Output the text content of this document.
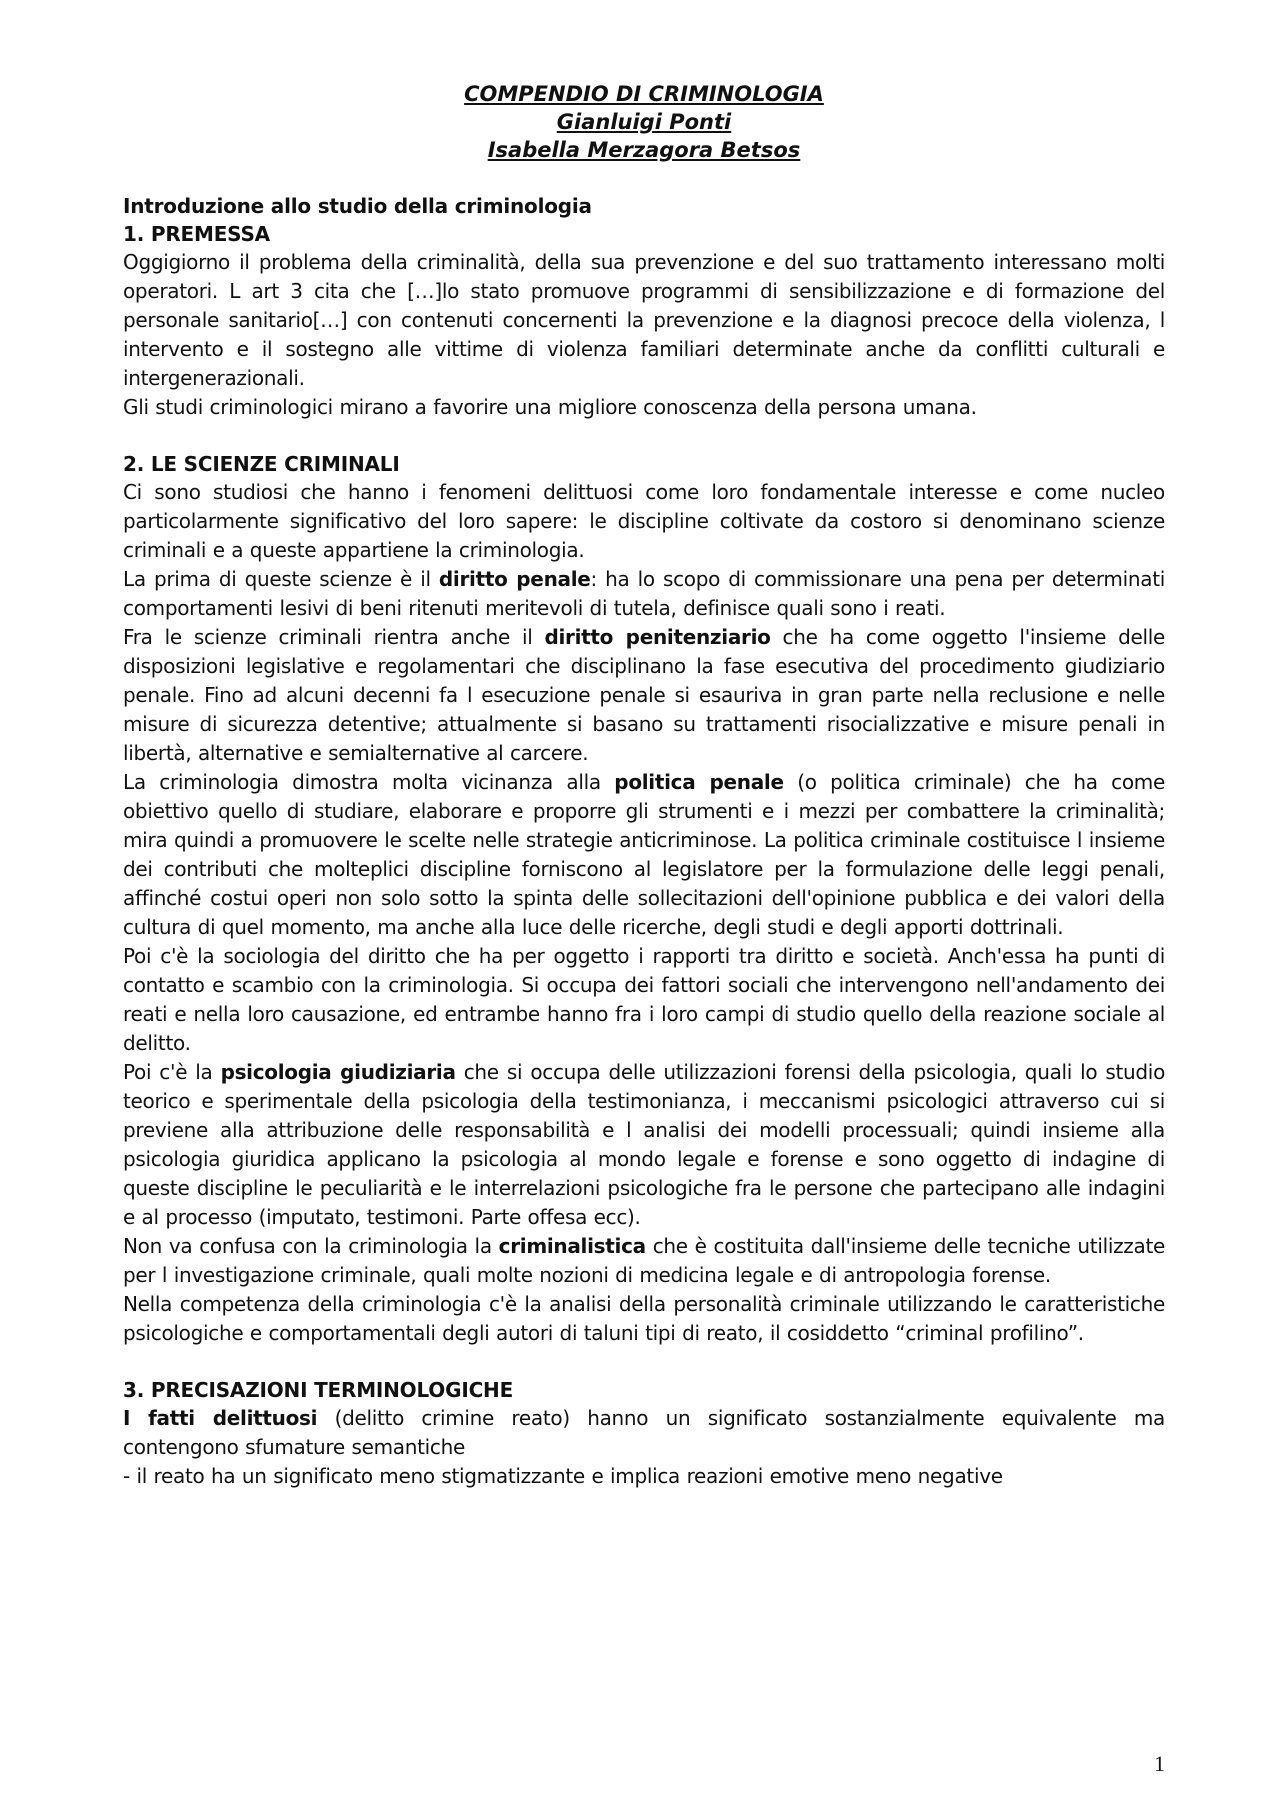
COMPENDIO DI CRIMINOLOGIA

Gianluigi Ponti

Isabella Merzagora Betsos

Introduzione allo studio della criminologia

1. PREMESSA

Oggigiorno il problema della criminalità, della sua prevenzione e del suo trattamento interessano molti operatori. L art 3 cita che […]lo stato promuove programmi di sensibilizzazione e di formazione del personale sanitario[…] con contenuti concernenti la prevenzione e la diagnosi precoce della violenza, l intervento e il sostegno alle vittime di violenza familiari determinate anche da conflitti culturali e intergenerazionali.

Gli studi criminologici mirano a favorire una migliore conoscenza della persona umana.

2. LE SCIENZE CRIMINALI

Ci sono studiosi che hanno i fenomeni delittuosi come loro fondamentale interesse e come nucleo particolarmente significativo del loro sapere: le discipline coltivate da costoro si denominano scienze criminali e a queste appartiene la criminologia.

La prima di queste scienze è il diritto penale: ha lo scopo di commissionare una pena per determinati comportamenti lesivi di beni ritenuti meritevoli di tutela, definisce quali sono i reati.

Fra le scienze criminali rientra anche il diritto penitenziario che ha come oggetto l'insieme delle disposizioni legislative e regolamentari che disciplinano la fase esecutiva del procedimento giudiziario penale. Fino ad alcuni decenni fa l esecuzione penale si esauriva in gran parte nella reclusione e nelle misure di sicurezza detentive; attualmente si basano su trattamenti risocializzative e misure penali in libertà, alternative e semialternative al carcere.

La criminologia dimostra molta vicinanza alla politica penale (o politica criminale) che ha come obiettivo quello di studiare, elaborare e proporre gli strumenti e i mezzi per combattere la criminalità; mira quindi a promuovere le scelte nelle strategie anticriminose. La politica criminale costituisce l insieme dei contributi che molteplici discipline forniscono al legislatore per la formulazione delle leggi penali, affinché costui operi non solo sotto la spinta delle sollecitazioni dell'opinione pubblica e dei valori della cultura di quel momento, ma anche alla luce delle ricerche, degli studi e degli apporti dottrinali.

Poi c'è la sociologia del diritto che ha per oggetto i rapporti tra diritto e società. Anch'essa ha punti di contatto e scambio con la criminologia. Si occupa dei fattori sociali che intervengono nell'andamento dei reati e nella loro causazione, ed entrambe hanno fra i loro campi di studio quello della reazione sociale al delitto.

Poi c'è la psicologia giudiziaria che si occupa delle utilizzazioni forensi della psicologia, quali lo studio teorico e sperimentale della psicologia della testimonianza, i meccanismi psicologici attraverso cui si previene alla attribuzione delle responsabilità e l analisi dei modelli processuali; quindi insieme alla psicologia giuridica applicano la psicologia al mondo legale e forense e sono oggetto di indagine di queste discipline le peculiarità e le interrelazioni psicologiche fra le persone che partecipano alle indagini e al processo (imputato, testimoni. Parte offesa ecc).

Non va confusa con la criminologia la criminalistica che è costituita dall'insieme delle tecniche utilizzate per l investigazione criminale, quali molte nozioni di medicina legale e di antropologia forense.

Nella competenza della criminologia c'è la analisi della personalità criminale utilizzando le caratteristiche psicologiche e comportamentali degli autori di taluni tipi di reato, il cosiddetto “criminal profilino”.

3. PRECISAZIONI TERMINOLOGICHE

I fatti delittuosi (delitto crimine reato) hanno un significato sostanzialmente equivalente ma contengono sfumature semantiche

- il reato ha un significato meno stigmatizzante e implica reazioni emotive meno negative

1
